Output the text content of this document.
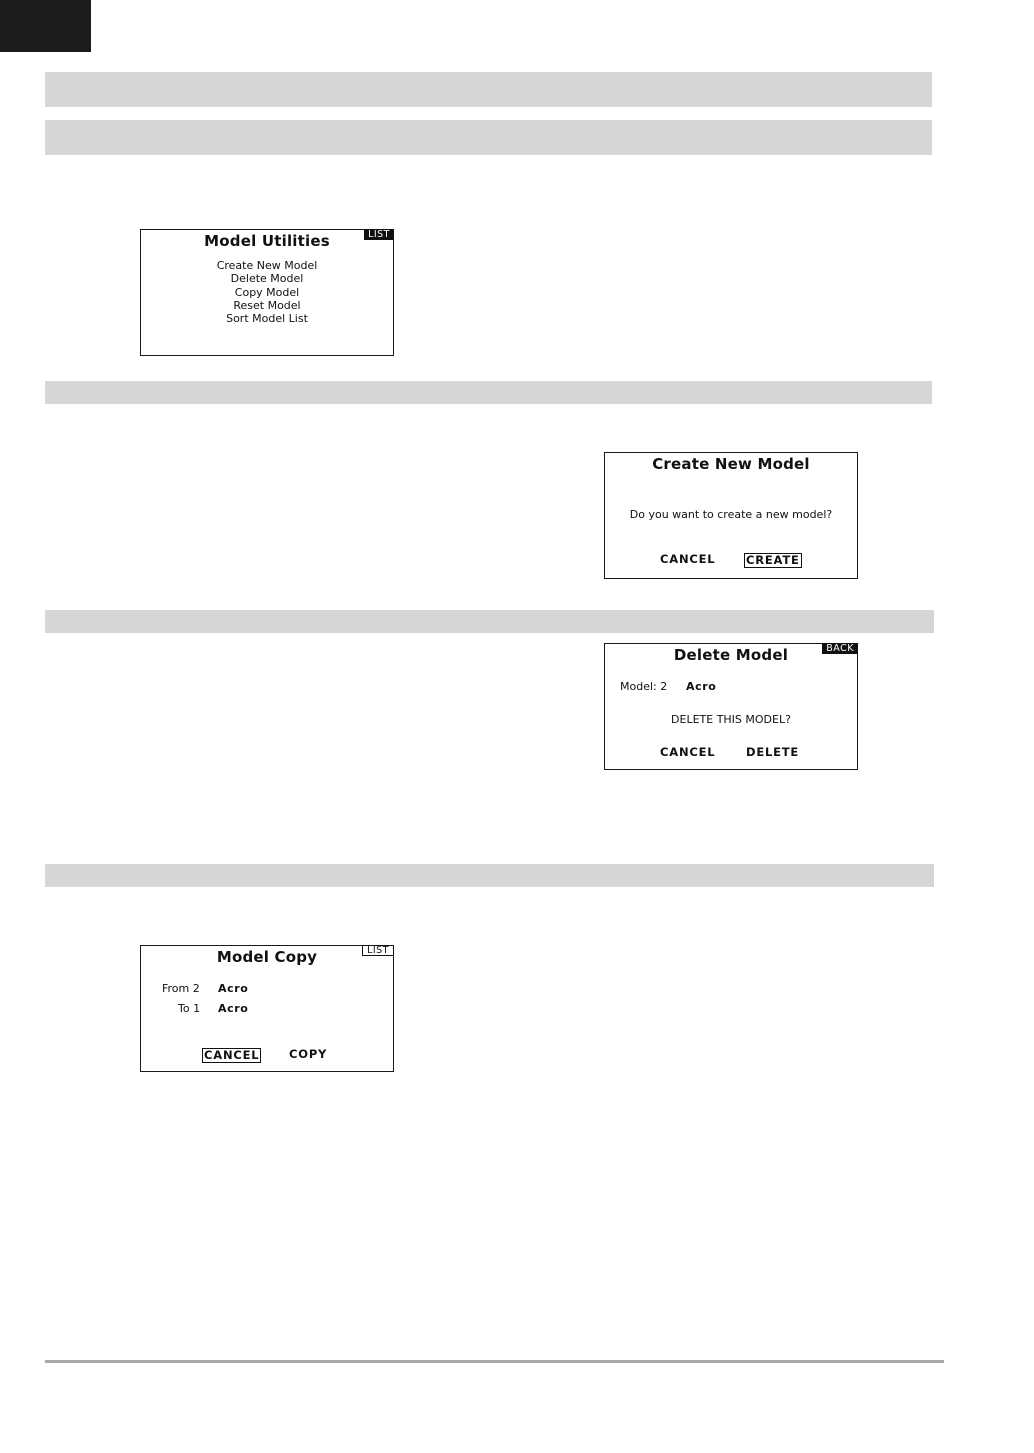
Model Utilities	LIST
Create New Model
Delete Model
Copy Model
Reset Model
Sort Model List
Create New Model
Do you want to create a new model?
CANCEL	CREATE
Delete Model	BACK
Model: 2 Acro
DELETE THIS MODEL?
CANCEL	DELETE
Model Copy	LIST
From 2 Acro
To 1 Acro
CANCEL	COPY
